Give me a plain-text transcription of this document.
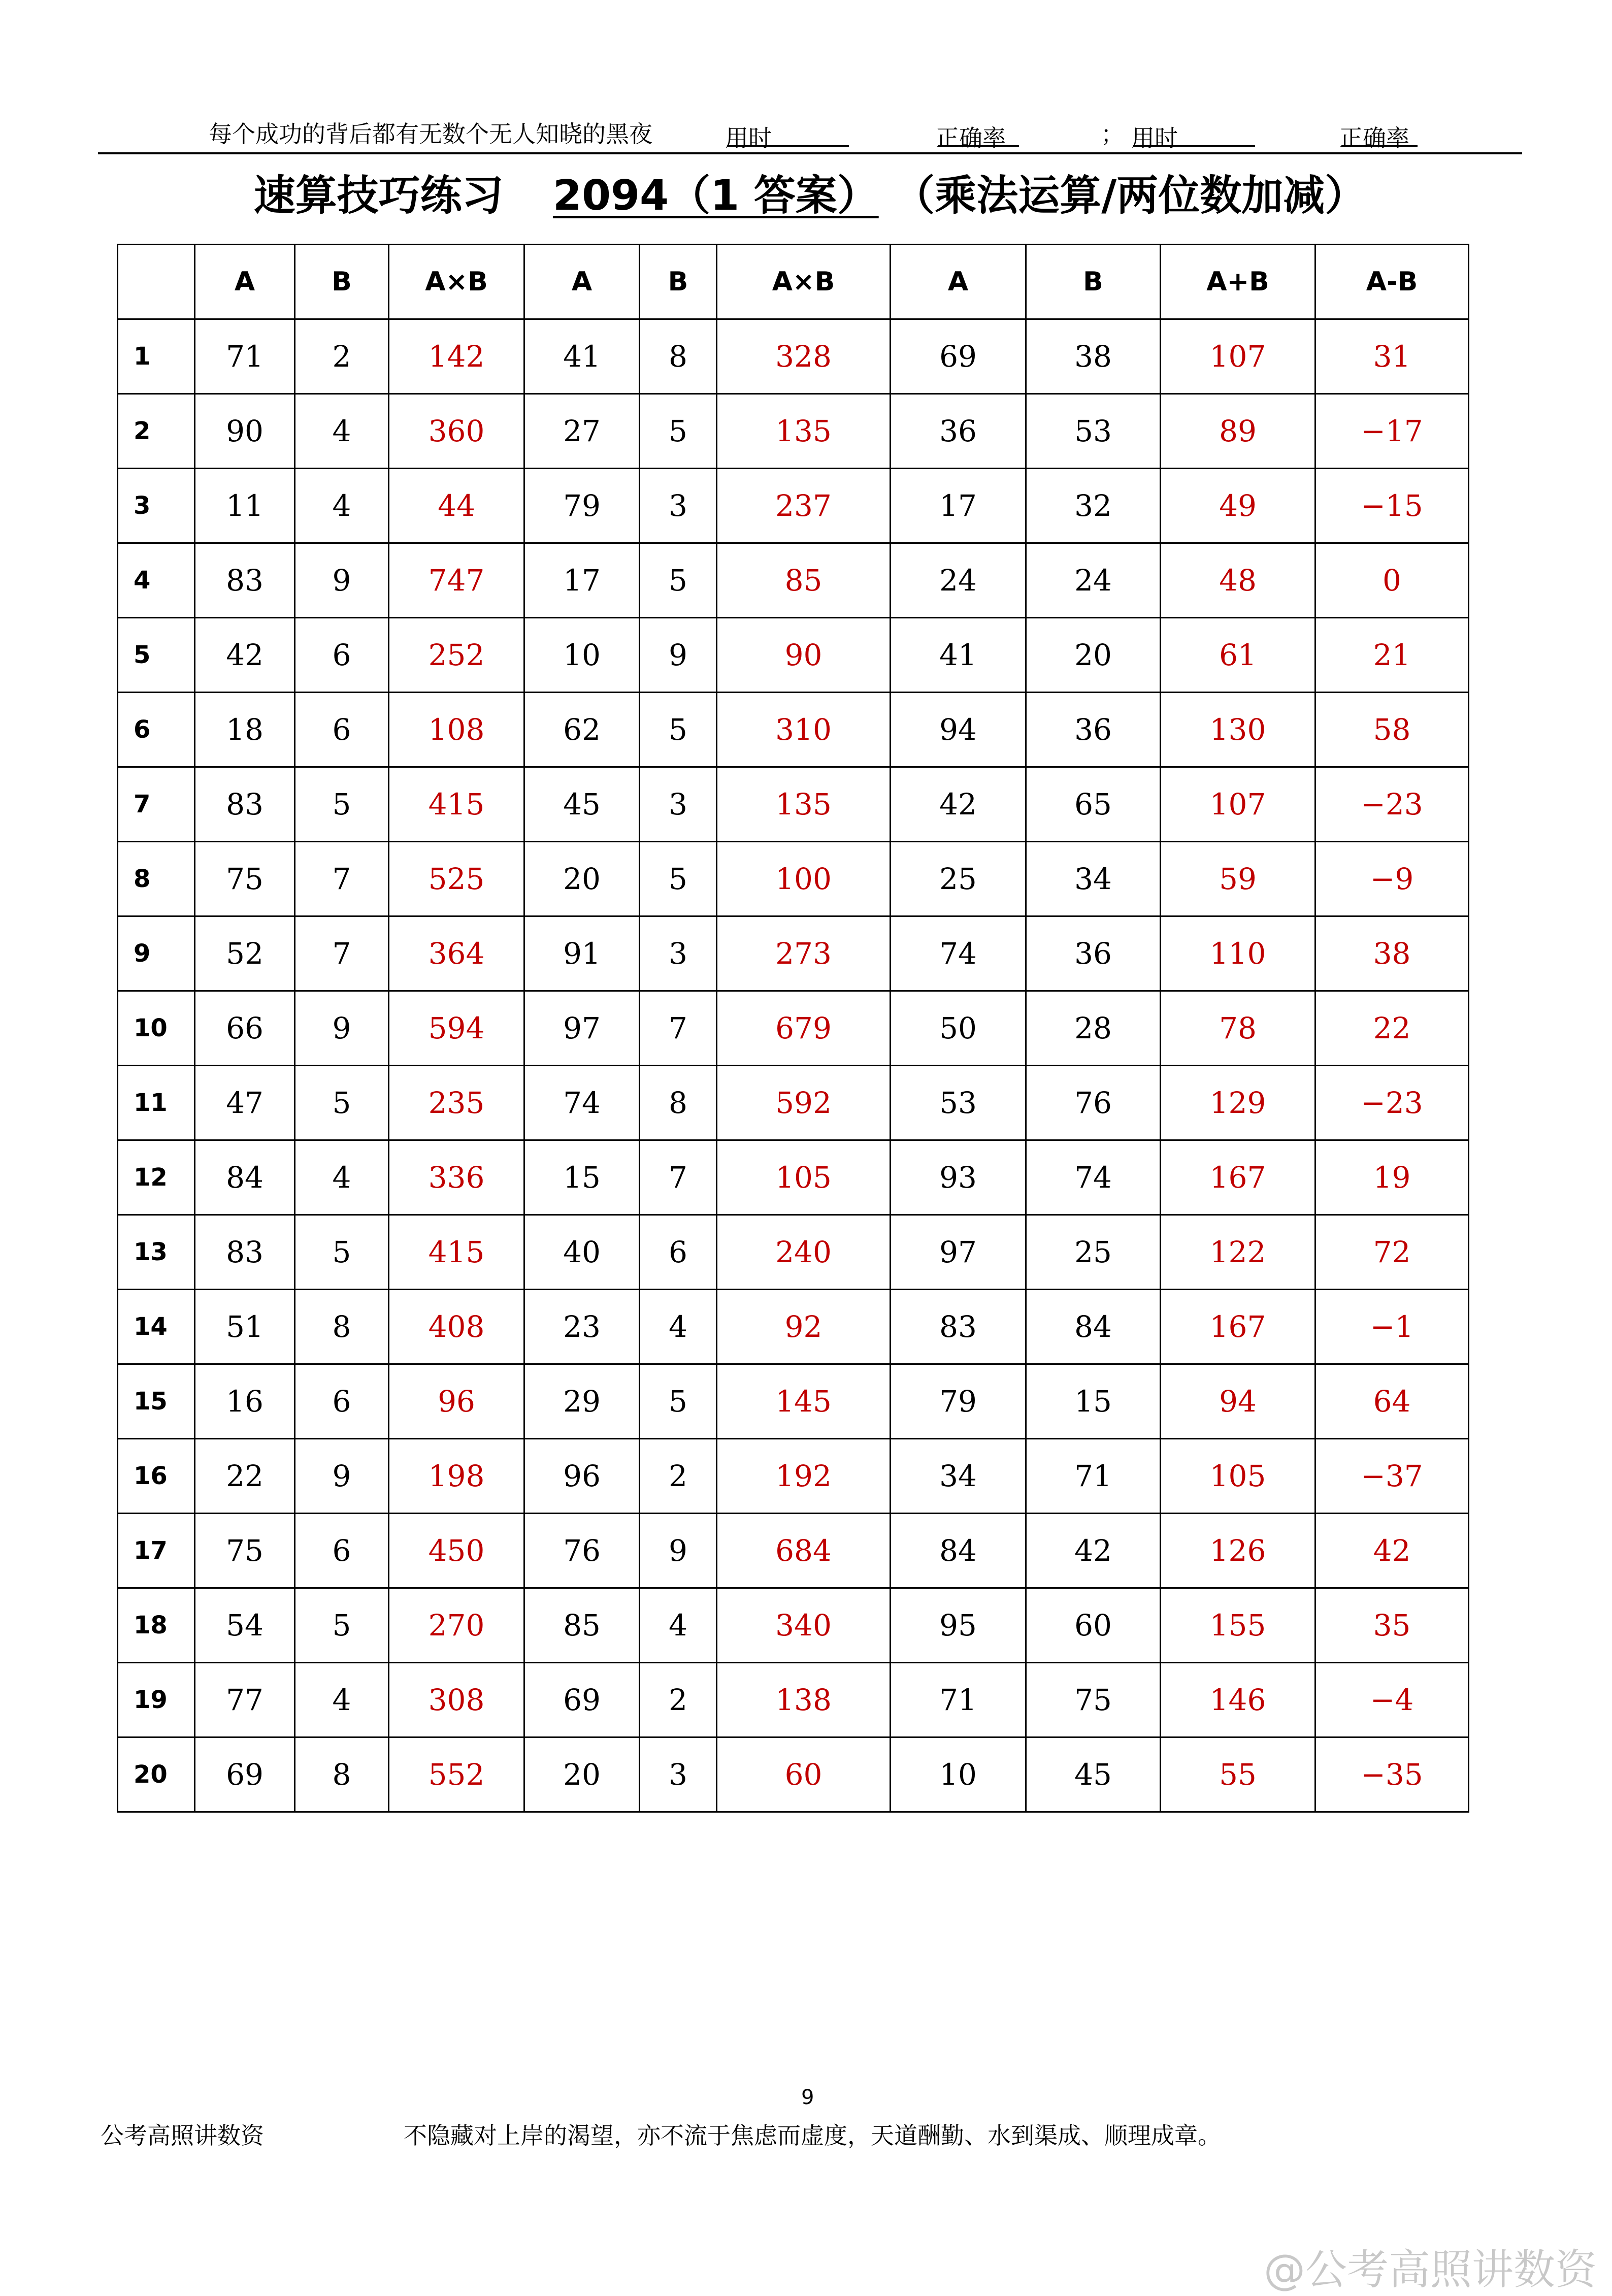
每个成功的背后都有无数个无人知晓的黑夜	用时	正确率	； 用时	正确率
速算技巧练习 2094（1 答案） （乘法运算/两位数加减）
	A	B	A×B	A	B	A×B	A	B	A+B	A-B
1	71	2	142	41	8	328	69	38	107	31
2	90	4	360	27	5	135	36	53	89	−17
3	11	4	44	79	3	237	17	32	49	−15
4	83	9	747	17	5	85	24	24	48	0
5	42	6	252	10	9	90	41	20	61	21
6	18	6	108	62	5	310	94	36	130	58
7	83	5	415	45	3	135	42	65	107	−23
8	75	7	525	20	5	100	25	34	59	−9
9	52	7	364	91	3	273	74	36	110	38
10	66	9	594	97	7	679	50	28	78	22
11	47	5	235	74	8	592	53	76	129	−23
12	84	4	336	15	7	105	93	74	167	19
13	83	5	415	40	6	240	97	25	122	72
14	51	8	408	23	4	92	83	84	167	−1
15	16	6	96	29	5	145	79	15	94	64
16	22	9	198	96	2	192	34	71	105	−37
17	75	6	450	76	9	684	84	42	126	42
18	54	5	270	85	4	340	95	60	155	35
19	77	4	308	69	2	138	71	75	146	−4
20	69	8	552	20	3	60	10	45	55	−35
9
公考高照讲数资	不隐藏对上岸的渴望，亦不流于焦虑而虚度，天道酬勤、水到渠成、顺理成章。
@公考高照讲数资
